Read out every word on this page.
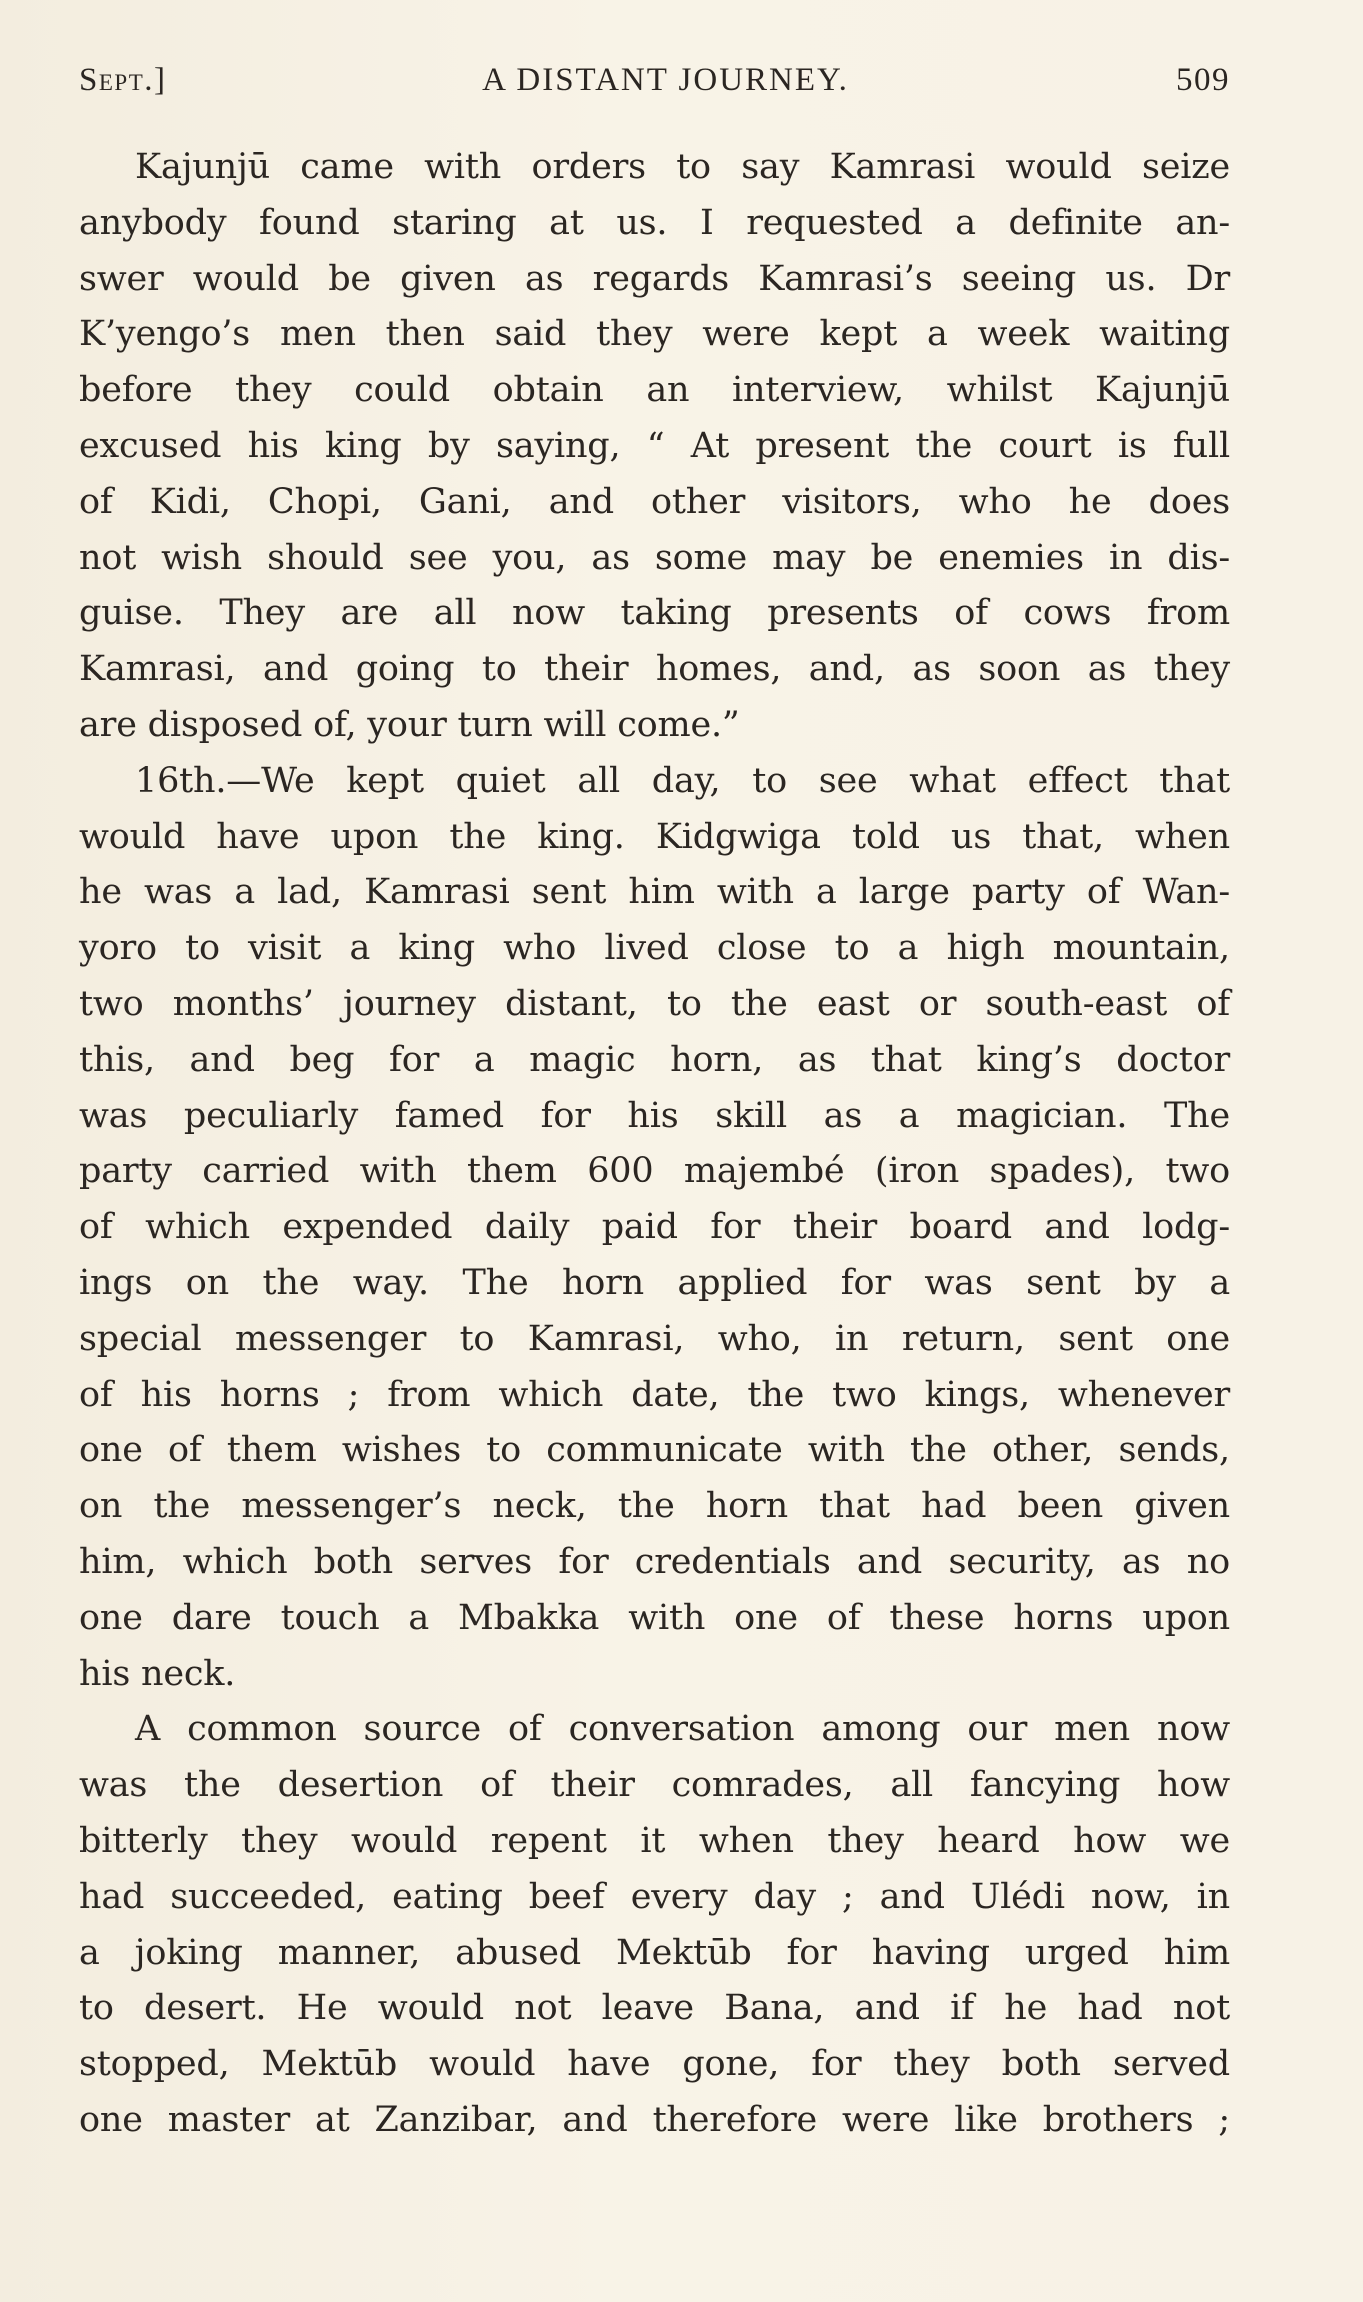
Sept.]	A DISTANT JOURNEY.	509
Kajunjū came with orders to say Kamrasi would seize
anybody found staring at us. I requested a definite an-
swer would be given as regards Kamrasi’s seeing us. Dr
K’yengo’s men then said they were kept a week waiting
before they could obtain an interview, whilst Kajunjū
excused his king by saying, “ At present the court is full
of Kidi, Chopi, Gani, and other visitors, who he does
not wish should see you, as some may be enemies in dis-
guise. They are all now taking presents of cows from
Kamrasi, and going to their homes, and, as soon as they
are disposed of, your turn will come.”
16th.—We kept quiet all day, to see what effect that
would have upon the king. Kidgwiga told us that, when
he was a lad, Kamrasi sent him with a large party of Wan-
yoro to visit a king who lived close to a high mountain,
two months’ journey distant, to the east or south-east of
this, and beg for a magic horn, as that king’s doctor
was peculiarly famed for his skill as a magician. The
party carried with them 600 majembé (iron spades), two
of which expended daily paid for their board and lodg-
ings on the way. The horn applied for was sent by a
special messenger to Kamrasi, who, in return, sent one
of his horns ; from which date, the two kings, whenever
one of them wishes to communicate with the other, sends,
on the messenger’s neck, the horn that had been given
him, which both serves for credentials and security, as no
one dare touch a Mbakka with one of these horns upon
his neck.
A common source of conversation among our men now
was the desertion of their comrades, all fancying how
bitterly they would repent it when they heard how we
had succeeded, eating beef every day ; and Ulédi now, in
a joking manner, abused Mektūb for having urged him
to desert. He would not leave Bana, and if he had not
stopped, Mektūb would have gone, for they both served
one master at Zanzibar, and therefore were like brothers ;
